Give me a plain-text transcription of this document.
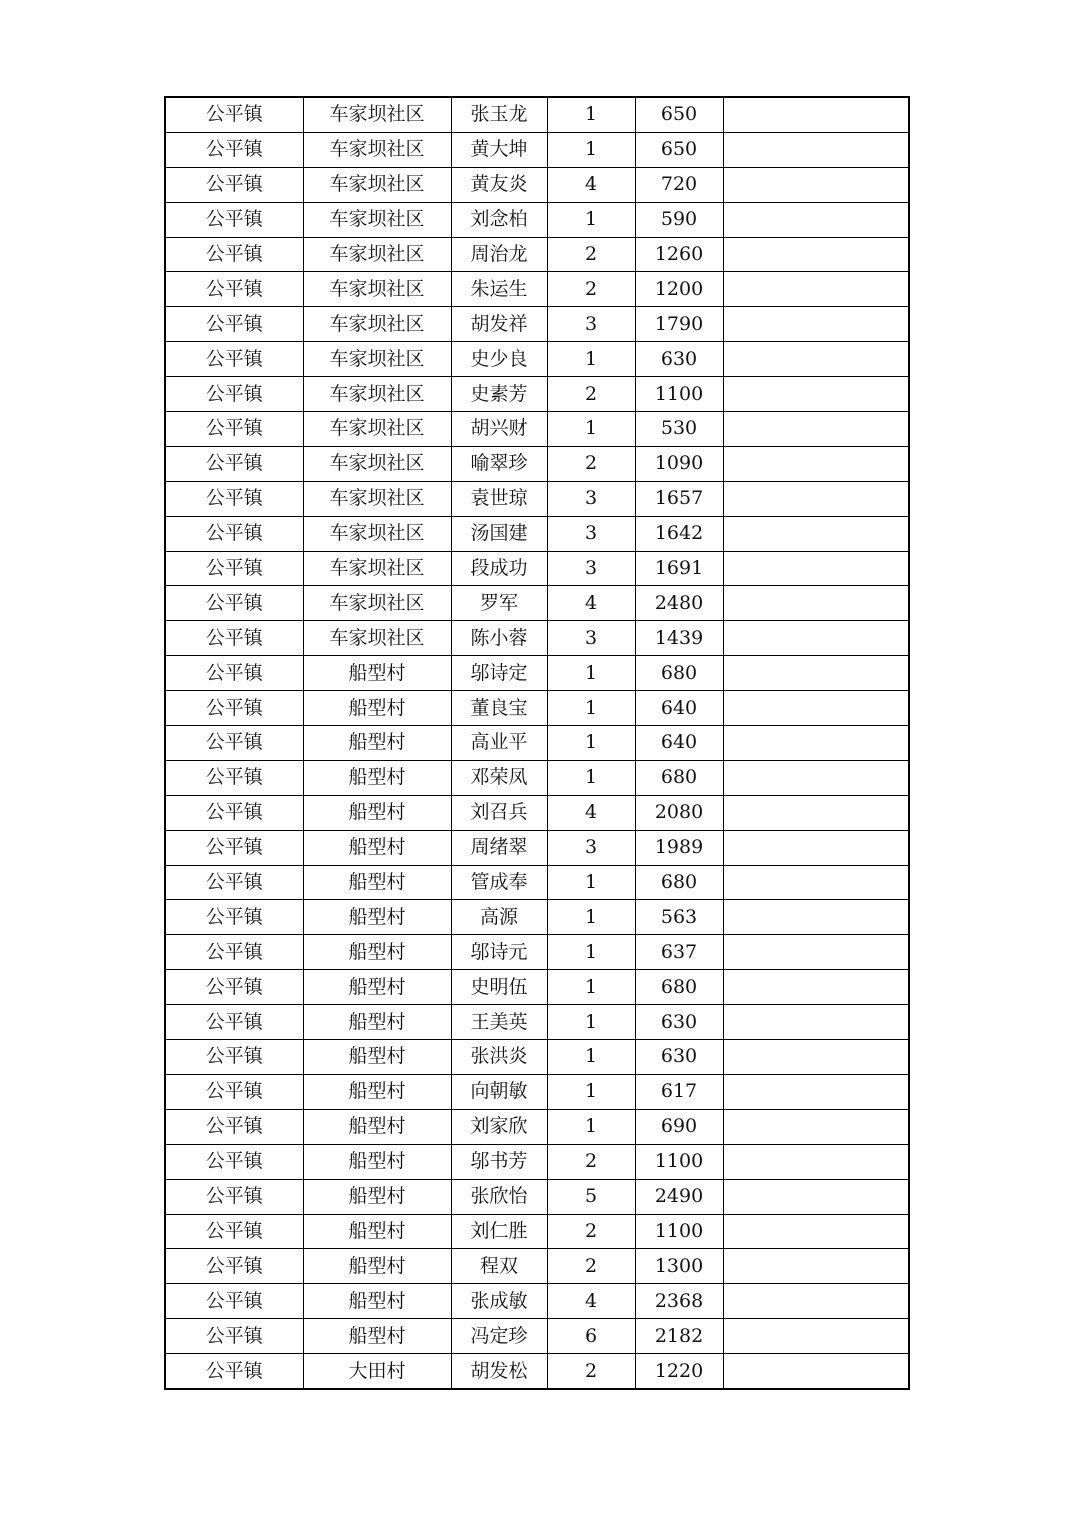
公平镇	车家坝社区	张玉龙	1	650	
公平镇	车家坝社区	黄大坤	1	650	
公平镇	车家坝社区	黄友炎	4	720	
公平镇	车家坝社区	刘念柏	1	590	
公平镇	车家坝社区	周治龙	2	1260	
公平镇	车家坝社区	朱运生	2	1200	
公平镇	车家坝社区	胡发祥	3	1790	
公平镇	车家坝社区	史少良	1	630	
公平镇	车家坝社区	史素芳	2	1100	
公平镇	车家坝社区	胡兴财	1	530	
公平镇	车家坝社区	喻翠珍	2	1090	
公平镇	车家坝社区	袁世琼	3	1657	
公平镇	车家坝社区	汤国建	3	1642	
公平镇	车家坝社区	段成功	3	1691	
公平镇	车家坝社区	罗军	4	2480	
公平镇	车家坝社区	陈小蓉	3	1439	
公平镇	船型村	邬诗定	1	680	
公平镇	船型村	董良宝	1	640	
公平镇	船型村	高业平	1	640	
公平镇	船型村	邓荣凤	1	680	
公平镇	船型村	刘召兵	4	2080	
公平镇	船型村	周绪翠	3	1989	
公平镇	船型村	管成奉	1	680	
公平镇	船型村	高源	1	563	
公平镇	船型村	邬诗元	1	637	
公平镇	船型村	史明伍	1	680	
公平镇	船型村	王美英	1	630	
公平镇	船型村	张洪炎	1	630	
公平镇	船型村	向朝敏	1	617	
公平镇	船型村	刘家欣	1	690	
公平镇	船型村	邬书芳	2	1100	
公平镇	船型村	张欣怡	5	2490	
公平镇	船型村	刘仁胜	2	1100	
公平镇	船型村	程双	2	1300	
公平镇	船型村	张成敏	4	2368	
公平镇	船型村	冯定珍	6	2182	
公平镇	大田村	胡发松	2	1220	
